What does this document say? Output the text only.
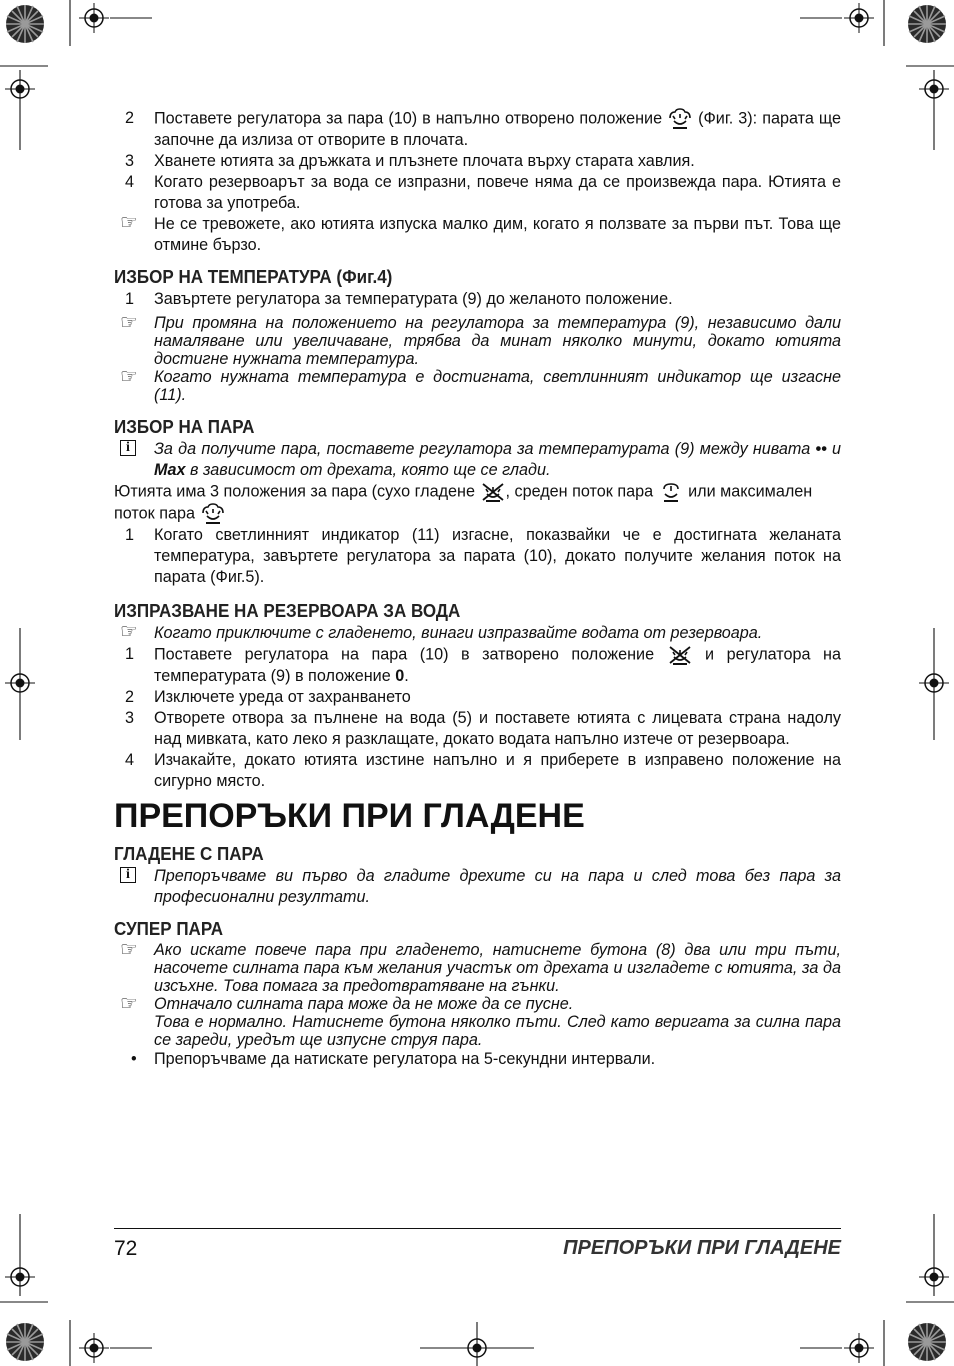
2 Поставете регулатора за пара (10) в напълно отворено положение (Фиг. 3): парата ще започне да излиза от отворите в плочата.
3 Хванете ютията за дръжката и плъзнете плочата върху старата хавлия.
4 Когато резервоарът за вода се изпразни, повече няма да се произвежда пара. Ютията е готова за употреба.
☞ Не се тревожете, ако ютията изпуска малко дим, когато я ползвате за първи път. Това ще отмине бързо.
ИЗБОР НА ТЕМПЕРАТУРА (Фиг.4)
1 Завъртете регулатора за температурата (9) до желаното положение.
☞ При промяна на положението на регулатора за температура (9), независимо дали намаляване или увеличаване, трябва да минат няколко минути, докато ютията достигне нужната температура.
☞ Когато нужната температура е достигната, светлинният индикатор ще изгасне (11).
ИЗБОР НА ПАРА
i	За да получите пара, поставете регулатора за температурата (9) между нивата •• и Max в зависимост от дрехата, която ще се глади.
Ютията има 3 положения за пара (сухо гладене , среден поток пара или максимален поток пара
1 Когато светлинният индикатор (11) изгасне, показвайки че е достигната желаната температура, завъртете регулатора за парата (10), докато получите желания поток на парата (Фиг.5).
ИЗПРАЗВАНЕ НА РЕЗЕРВОАРА ЗА ВОДА
☞ Когато приключите с гладенето, винаги изпразвайте водата от резервоара.
1 Поставете регулатора на пара (10) в затворено положение	и регулатора на температурата (9) в положение 0.
2 Изключете уреда от захранването
3 Отворете отвора за пълнене на вода (5) и поставете ютията с лицевата страна надолу над мивката, като леко я разклащате, докато водата напълно изтече от резервоара.
4 Изчакайте, докато ютията изстине напълно и я приберете в изправено положение на сигурно място.
ПРЕПОРЪКИ ПРИ ГЛАДЕНЕ
ГЛАДЕНЕ С ПАРА
i	Препоръчваме ви първо да гладите дрехите си на пара и след това без пара за професионални резултати.
СУПЕР ПАРА
☞ Ако искате повече пара при гладенето, натиснете бутона (8) два или три пъти, насочете силната пара към желания участък от дрехата и изгладете с ютията, за да изсъхне. Това помага за предотвратяване на гънки.
☞ Отначало силната пара може да не може да се пусне.
Това е нормално. Натиснете бутона няколко пъти. След като веригата за силна пара се зареди, уредът ще изпусне струя пара.
• Препоръчваме да натискате регулатора на 5-секундни интервали.
72	ПРЕПОРЪКИ ПРИ ГЛАДЕНЕ
